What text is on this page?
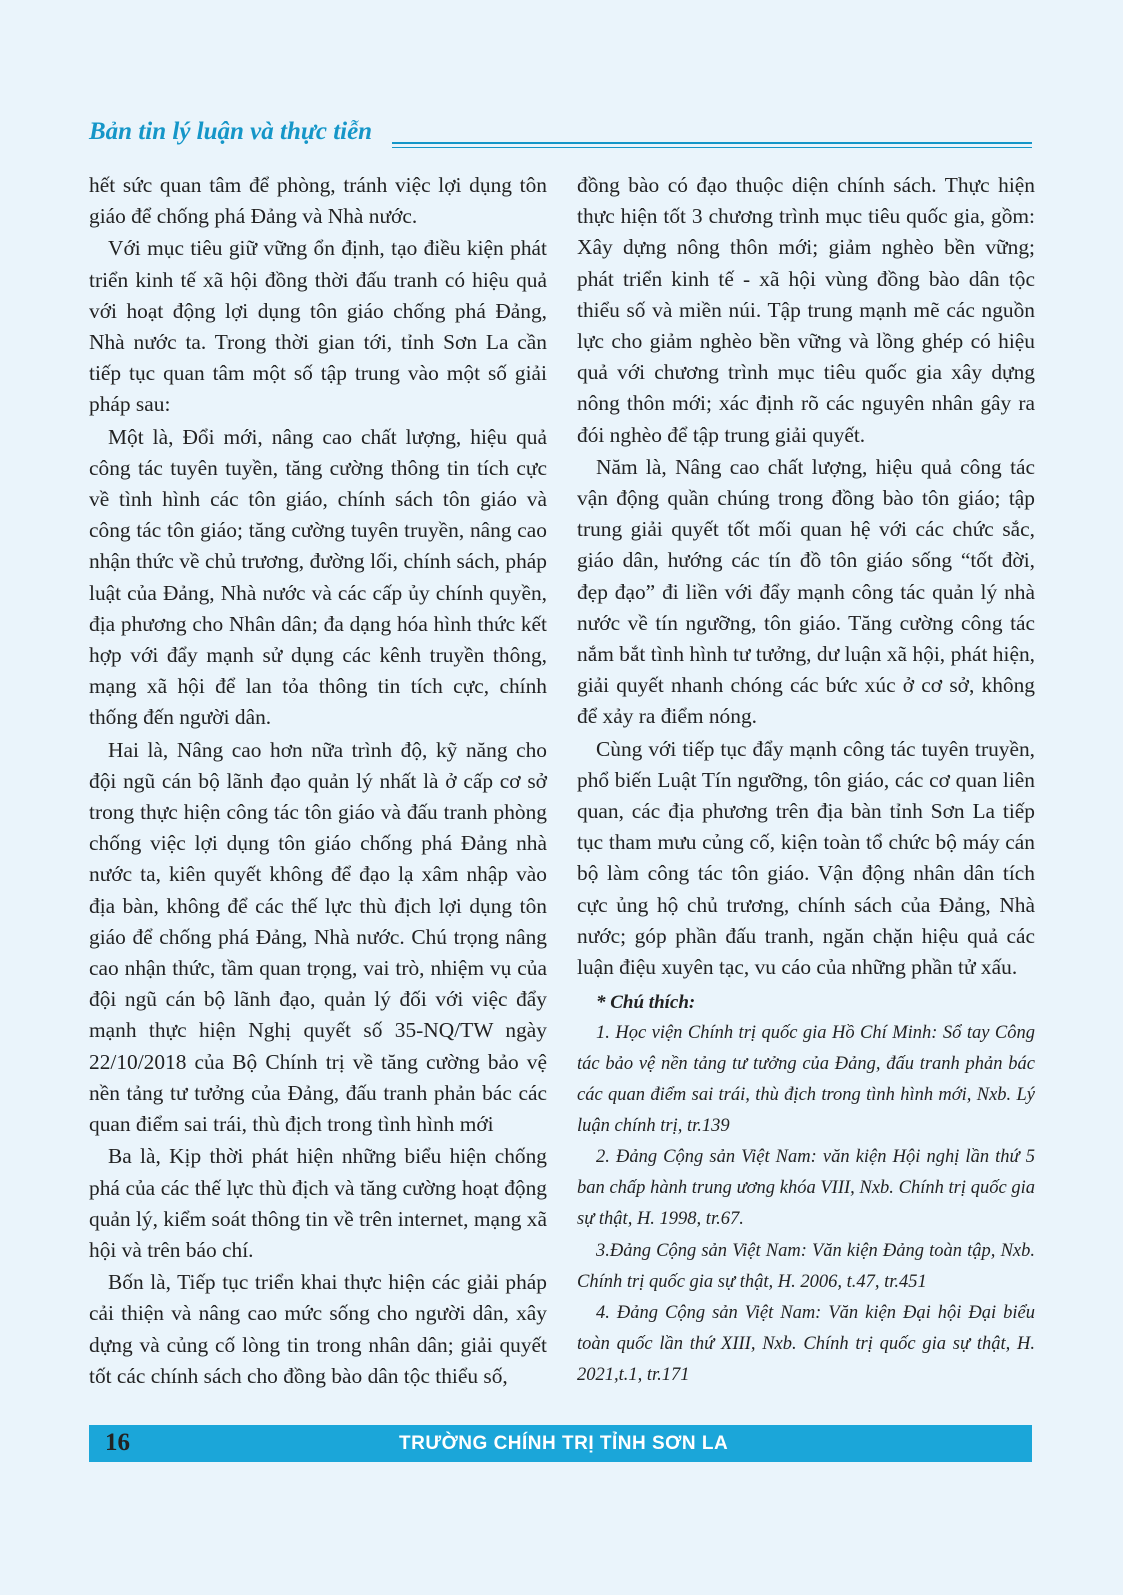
Bản tin lý luận và thực tiễn

hết sức quan tâm để phòng, tránh việc lợi dụng tôn giáo để chống phá Đảng và Nhà nước.

Với mục tiêu giữ vững ổn định, tạo điều kiện phát triển kinh tế xã hội đồng thời đấu tranh có hiệu quả với hoạt động lợi dụng tôn giáo chống phá Đảng, Nhà nước ta. Trong thời gian tới, tỉnh Sơn La cần tiếp tục quan tâm một số tập trung vào một số giải pháp sau:

Một là, Đổi mới, nâng cao chất lượng, hiệu quả công tác tuyên tuyền, tăng cường thông tin tích cực về tình hình các tôn giáo, chính sách tôn giáo và công tác tôn giáo; tăng cường tuyên truyền, nâng cao nhận thức về chủ trương, đường lối, chính sách, pháp luật của Đảng, Nhà nước và các cấp ủy chính quyền, địa phương cho Nhân dân; đa dạng hóa hình thức kết hợp với đẩy mạnh sử dụng các kênh truyền thông, mạng xã hội để lan tỏa thông tin tích cực, chính thống đến người dân.

Hai là, Nâng cao hơn nữa trình độ, kỹ năng cho đội ngũ cán bộ lãnh đạo quản lý nhất là ở cấp cơ sở trong thực hiện công tác tôn giáo và đấu tranh phòng chống việc lợi dụng tôn giáo chống phá Đảng nhà nước ta, kiên quyết không để đạo lạ xâm nhập vào địa bàn, không để các thế lực thù địch lợi dụng tôn giáo để chống phá Đảng, Nhà nước. Chú trọng nâng cao nhận thức, tầm quan trọng, vai trò, nhiệm vụ của đội ngũ cán bộ lãnh đạo, quản lý đối với việc đẩy mạnh thực hiện Nghị quyết số 35-NQ/TW ngày 22/10/2018 của Bộ Chính trị về tăng cường bảo vệ nền tảng tư tưởng của Đảng, đấu tranh phản bác các quan điểm sai trái, thù địch trong tình hình mới

Ba là, Kịp thời phát hiện những biểu hiện chống phá của các thế lực thù địch và tăng cường hoạt động quản lý, kiểm soát thông tin về trên internet, mạng xã hội và trên báo chí.

Bốn là, Tiếp tục triển khai thực hiện các giải pháp cải thiện và nâng cao mức sống cho người dân, xây dựng và củng cố lòng tin trong nhân dân; giải quyết tốt các chính sách cho đồng bào dân tộc thiểu số,

đồng bào có đạo thuộc diện chính sách. Thực hiện thực hiện tốt 3 chương trình mục tiêu quốc gia, gồm: Xây dựng nông thôn mới; giảm nghèo bền vững; phát triển kinh tế - xã hội vùng đồng bào dân tộc thiểu số và miền núi. Tập trung mạnh mẽ các nguồn lực cho giảm nghèo bền vững và lồng ghép có hiệu quả với chương trình mục tiêu quốc gia xây dựng nông thôn mới; xác định rõ các nguyên nhân gây ra đói nghèo để tập trung giải quyết.

Năm là, Nâng cao chất lượng, hiệu quả công tác vận động quần chúng trong đồng bào tôn giáo; tập trung giải quyết tốt mối quan hệ với các chức sắc, giáo dân, hướng các tín đồ tôn giáo sống “tốt đời, đẹp đạo” đi liền với đẩy mạnh công tác quản lý nhà nước về tín ngưỡng, tôn giáo. Tăng cường công tác nắm bắt tình hình tư tưởng, dư luận xã hội, phát hiện, giải quyết nhanh chóng các bức xúc ở cơ sở, không để xảy ra điểm nóng.

Cùng với tiếp tục đẩy mạnh công tác tuyên truyền, phổ biến Luật Tín ngưỡng, tôn giáo, các cơ quan liên quan, các địa phương trên địa bàn tỉnh Sơn La tiếp tục tham mưu củng cố, kiện toàn tổ chức bộ máy cán bộ làm công tác tôn giáo. Vận động nhân dân tích cực ủng hộ chủ trương, chính sách của Đảng, Nhà nước; góp phần đấu tranh, ngăn chặn hiệu quả các luận điệu xuyên tạc, vu cáo của những phần tử xấu.

* Chú thích:

1. Học viện Chính trị quốc gia Hồ Chí Minh: Sổ tay Công tác bảo vệ nền tảng tư tưởng của Đảng, đấu tranh phản bác các quan điểm sai trái, thù địch trong tình hình mới, Nxb. Lý luận chính trị, tr.139

2. Đảng Cộng sản Việt Nam: văn kiện Hội nghị lần thứ 5 ban chấp hành trung ương khóa VIII, Nxb. Chính trị quốc gia sự thật, H. 1998, tr.67.

3.Đảng Cộng sản Việt Nam: Văn kiện Đảng toàn tập, Nxb. Chính trị quốc gia sự thật, H. 2006, t.47, tr.451

4. Đảng Cộng sản Việt Nam: Văn kiện Đại hội Đại biểu toàn quốc lần thứ XIII, Nxb. Chính trị quốc gia sự thật, H. 2021,t.1, tr.171

16	TRƯỜNG CHÍNH TRỊ TỈNH SƠN LA
